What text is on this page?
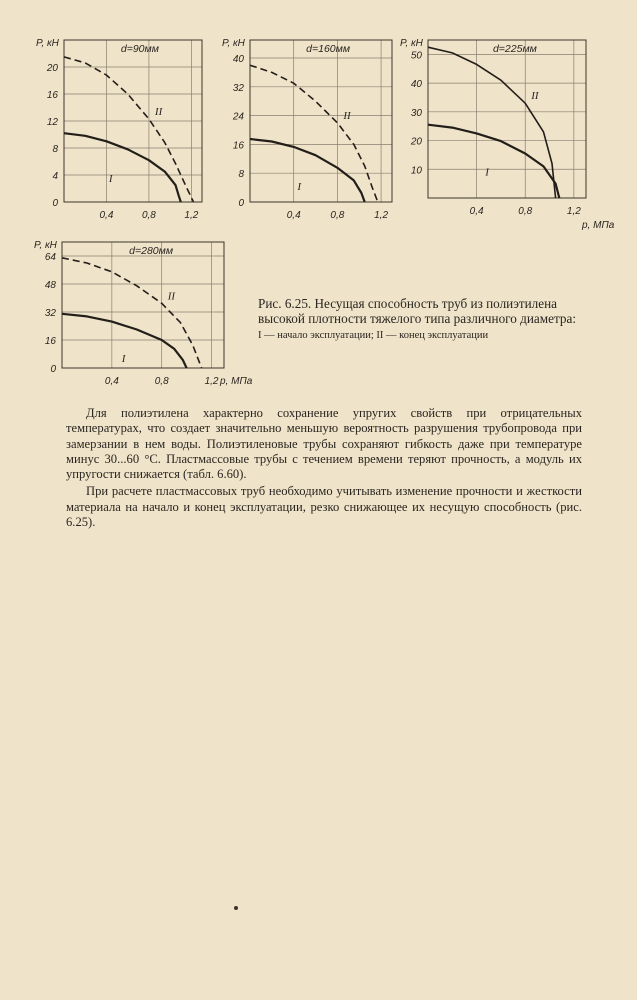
0,4	0,8	1,2
0
4
8
12
16
20
P, кН	d=90мм
I
II
0,4	0,8	1,2
0
8
16
24
32
40
P, кН	d=160мм
I
II
0,4	0,8	1,2
10
20
30
40
50
P, кН
р, МПа
d=225мм
I
II
0,4	0,8	1,2
0
16
32
48
64
P, кН
р, МПа
d=280мм
I
II	Рис. 6.25. Несущая способность труб из полиэтилена высокой плотности тяжелого типа различного диаметра:
I — начало эксплуатации; II — конец эксплуатации

Для полиэтилена характерно сохранение упругих свойств при отрицательных температурах, что создает значительно меньшую вероятность разрушения трубопровода при замерзании в нем воды. Полиэтиленовые трубы сохраняют гибкость даже при температуре минус 30...60 °С. Пластмассовые трубы с течением времени теряют прочность, а модуль их упругости снижается (табл. 6.60).

При расчете пластмассовых труб необходимо учитывать изменение прочности и жесткости материала на начало и конец эксплуатации, резко снижающее их несущую способность (рис. 6.25).
